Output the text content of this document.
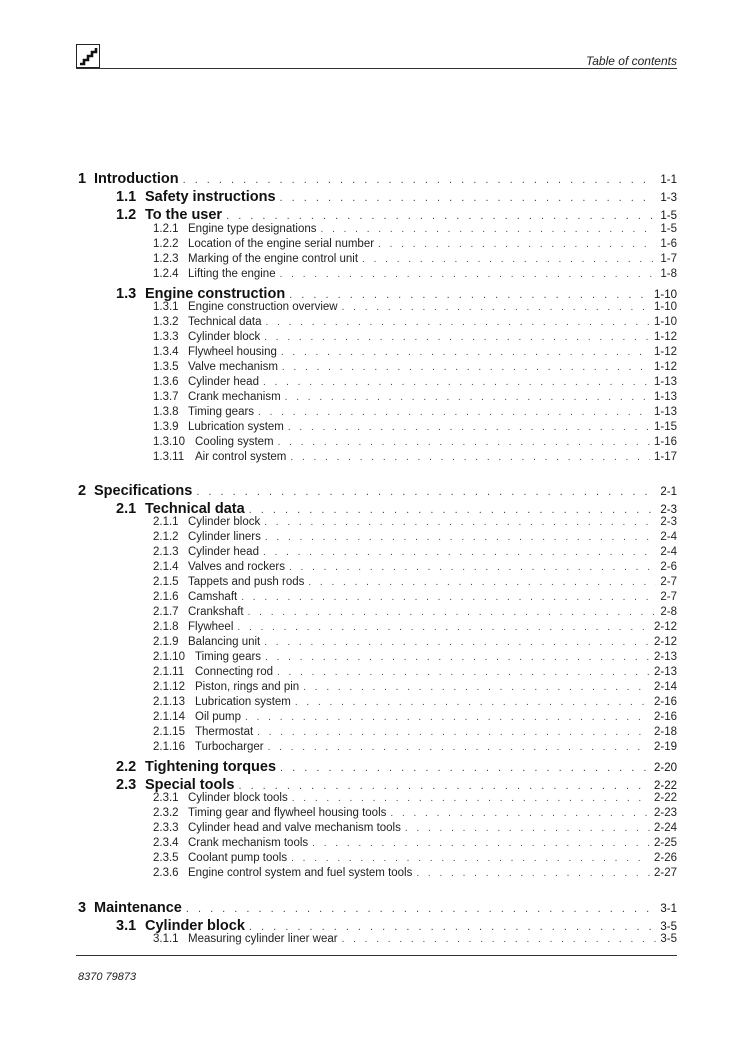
Table of contents
1 Introduction . . .	1-1
1.1 Safety instructions . . .	1-3
1.2 To the user . . .	1-5
1.2.1 Engine type designations . . .	1-5
1.2.2 Location of the engine serial number . . .	1-6
1.2.3 Marking of the engine control unit . . .	1-7
1.2.4 Lifting the engine . . .	1-8
1.3 Engine construction . . .	1-10
1.3.1 Engine construction overview . . .	1-10
1.3.2 Technical data . . .	1-10
1.3.3 Cylinder block . . .	1-12
1.3.4 Flywheel housing . . .	1-12
1.3.5 Valve mechanism . . .	1-12
1.3.6 Cylinder head . . .	1-13
1.3.7 Crank mechanism . . .	1-13
1.3.8 Timing gears . . .	1-13
1.3.9 Lubrication system . . .	1-15
1.3.10 Cooling system . . .	1-16
1.3.11 Air control system . . .	1-17
2 Specifications . . .	2-1
2.1 Technical data . . .	2-3
2.1.1 Cylinder block . . .	2-3
2.1.2 Cylinder liners . . .	2-4
2.1.3 Cylinder head . . .	2-4
2.1.4 Valves and rockers . . .	2-6
2.1.5 Tappets and push rods . . .	2-7
2.1.6 Camshaft . . .	2-7
2.1.7 Crankshaft . . .	2-8
2.1.8 Flywheel . . .	2-12
2.1.9 Balancing unit . . .	2-12
2.1.10 Timing gears . . .	2-13
2.1.11 Connecting rod . . .	2-13
2.1.12 Piston, rings and pin . . .	2-14
2.1.13 Lubrication system . . .	2-16
2.1.14 Oil pump . . .	2-16
2.1.15 Thermostat . . .	2-18
2.1.16 Turbocharger . . .	2-19
2.2 Tightening torques . . .	2-20
2.3 Special tools . . .	2-22
2.3.1 Cylinder block tools . . .	2-22
2.3.2 Timing gear and flywheel housing tools . . .	2-23
2.3.3 Cylinder head and valve mechanism tools . . .	2-24
2.3.4 Crank mechanism tools . . .	2-25
2.3.5 Coolant pump tools . . .	2-26
2.3.6 Engine control system and fuel system tools . . .	2-27
3 Maintenance . . .	3-1
3.1 Cylinder block . . .	3-5
3.1.1 Measuring cylinder liner wear . . .	3-5
8370 79873
